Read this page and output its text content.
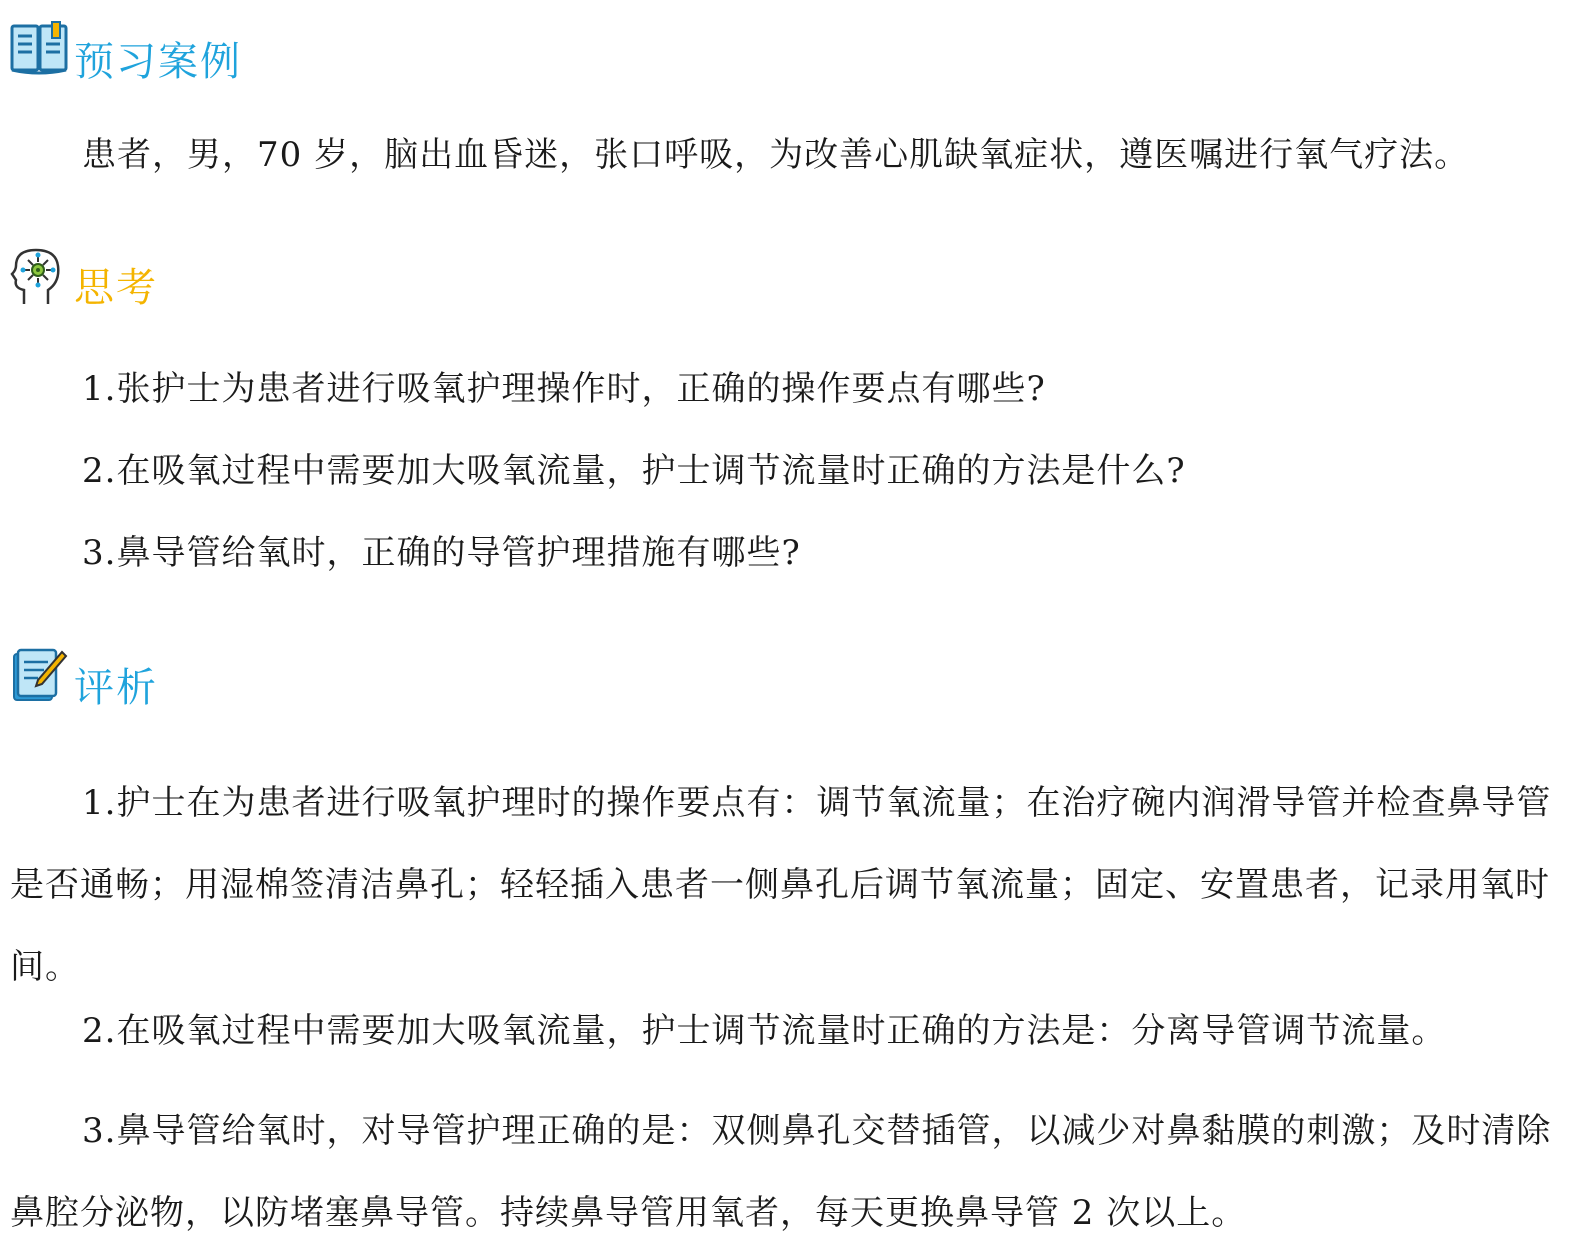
预习案例

患者，男，70 岁，脑出血昏迷，张口呼吸，为改善心肌缺氧症状，遵医嘱进行氧气疗法。

思考

1.张护士为患者进行吸氧护理操作时，正确的操作要点有哪些?

2.在吸氧过程中需要加大吸氧流量，护士调节流量时正确的方法是什么?

3.鼻导管给氧时，正确的导管护理措施有哪些?

评析

1.护士在为患者进行吸氧护理时的操作要点有：调节氧流量；在治疗碗内润滑导管并检查鼻导管是否通畅；用湿棉签清洁鼻孔；轻轻插入患者一侧鼻孔后调节氧流量；固定、安置患者，记录用氧时间。

2.在吸氧过程中需要加大吸氧流量，护士调节流量时正确的方法是：分离导管调节流量。

3.鼻导管给氧时，对导管护理正确的是：双侧鼻孔交替插管，以减少对鼻黏膜的刺激；及时清除鼻腔分泌物，以防堵塞鼻导管。持续鼻导管用氧者，每天更换鼻导管 2 次以上。
